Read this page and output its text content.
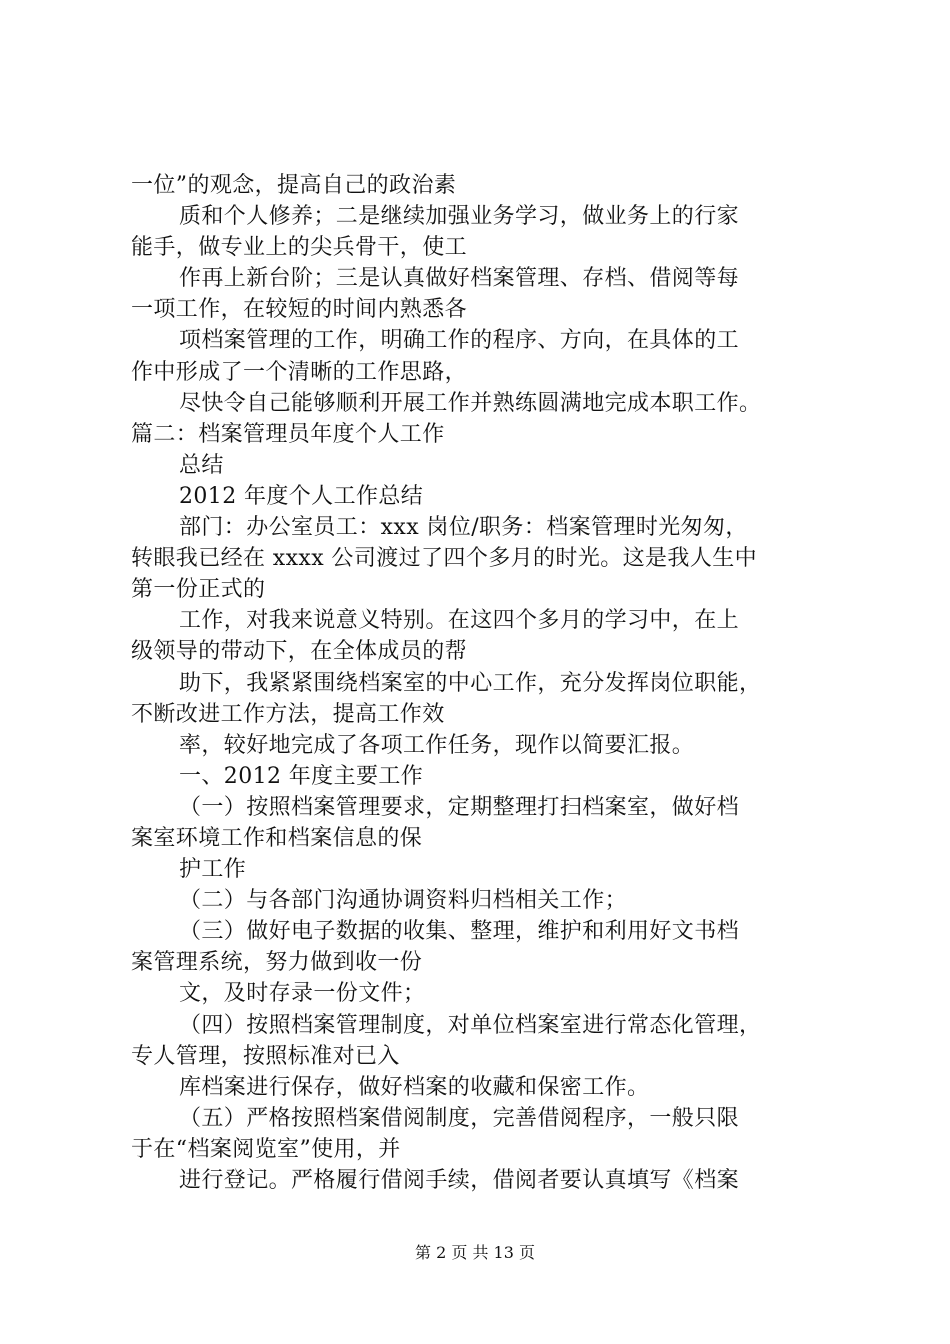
一位”的观念，提高自己的政治素
质和个人修养；二是继续加强业务学习，做业务上的行家
能手，做专业上的尖兵骨干，使工
作再上新台阶；三是认真做好档案管理、存档、借阅等每
一项工作，在较短的时间内熟悉各
项档案管理的工作，明确工作的程序、方向，在具体的工
作中形成了一个清晰的工作思路，
尽快令自己能够顺利开展工作并熟练圆满地完成本职工作。
篇二：档案管理员年度个人工作
总结
2012 年度个人工作总结
部门：办公室员工：xxx 岗位/职务：档案管理时光匆匆，
转眼我已经在 xxxx 公司渡过了四个多月的时光。这是我人生中
第一份正式的
工作，对我来说意义特别。在这四个多月的学习中，在上
级领导的带动下，在全体成员的帮
助下，我紧紧围绕档案室的中心工作，充分发挥岗位职能，
不断改进工作方法，提高工作效
率，较好地完成了各项工作任务，现作以简要汇报。
一、2012 年度主要工作
（一）按照档案管理要求，定期整理打扫档案室，做好档
案室环境工作和档案信息的保
护工作
（二）与各部门沟通协调资料归档相关工作；
（三）做好电子数据的收集、整理，维护和利用好文书档
案管理系统，努力做到收一份
文，及时存录一份文件；
（四）按照档案管理制度，对单位档案室进行常态化管理，
专人管理，按照标准对已入
库档案进行保存，做好档案的收藏和保密工作。
（五）严格按照档案借阅制度，完善借阅程序，一般只限
于在“档案阅览室”使用，并
进行登记。严格履行借阅手续，借阅者要认真填写《档案
第 2 页 共 13 页
